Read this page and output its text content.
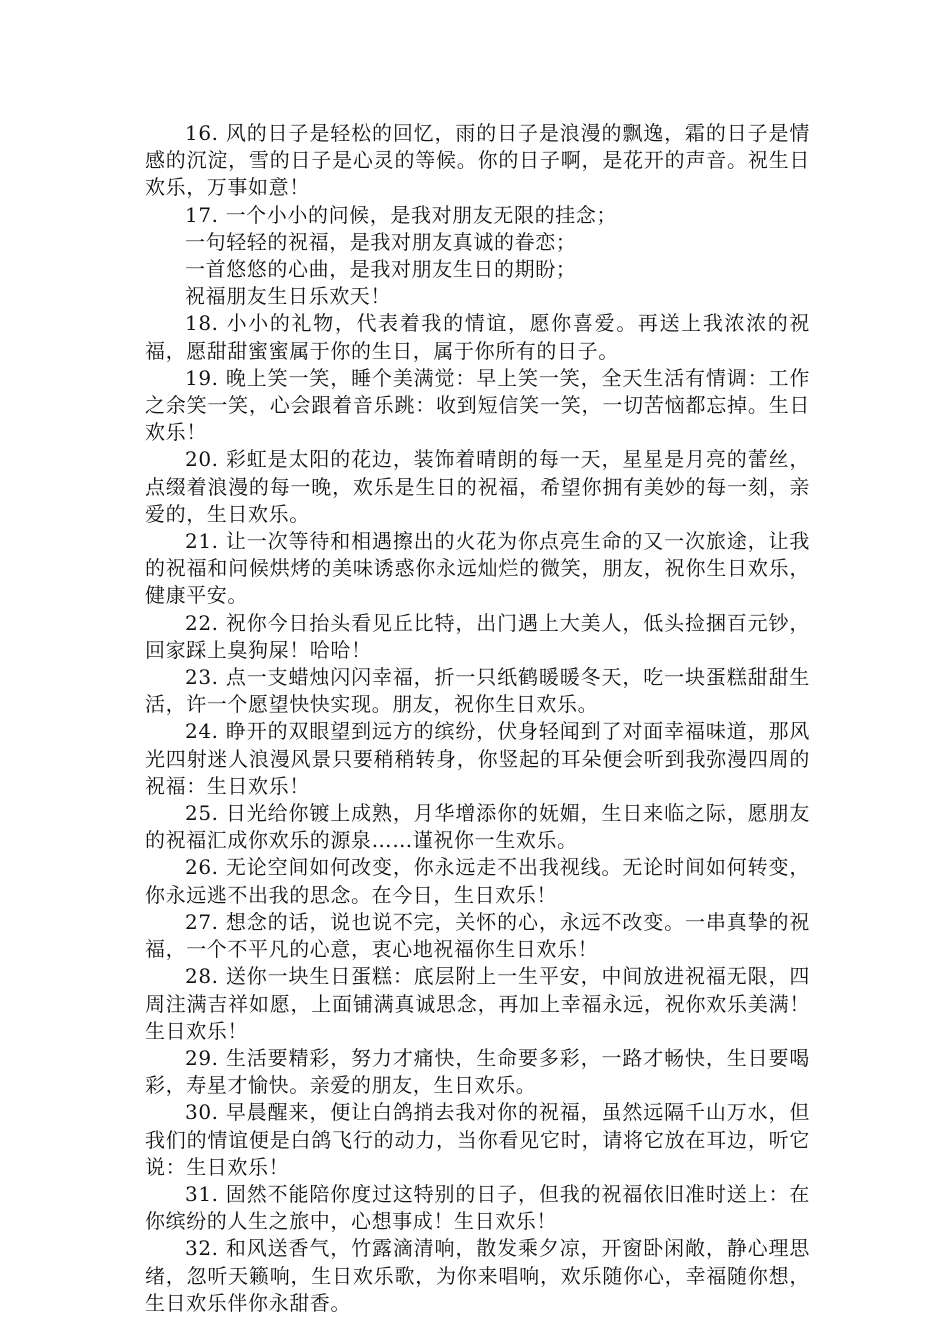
16. 风的日子是轻松的回忆，雨的日子是浪漫的飘逸，霜的日子是情感的沉淀，雪的日子是心灵的等候。你的日子啊，是花开的声音。祝生日欢乐，万事如意！

17. 一个小小的问候，是我对朋友无限的挂念；

一句轻轻的祝福，是我对朋友真诚的眷恋；

一首悠悠的心曲，是我对朋友生日的期盼；

祝福朋友生日乐欢天！

18. 小小的礼物，代表着我的情谊，愿你喜爱。再送上我浓浓的祝福，愿甜甜蜜蜜属于你的生日，属于你所有的日子。

19. 晚上笑一笑，睡个美满觉：早上笑一笑，全天生活有情调：工作之余笑一笑，心会跟着音乐跳：收到短信笑一笑，一切苦恼都忘掉。生日欢乐！

20. 彩虹是太阳的花边，装饰着晴朗的每一天，星星是月亮的蕾丝，点缀着浪漫的每一晚，欢乐是生日的祝福，希望你拥有美妙的每一刻，亲爱的，生日欢乐。

21. 让一次等待和相遇擦出的火花为你点亮生命的又一次旅途，让我的祝福和问候烘烤的美味诱惑你永远灿烂的微笑，朋友，祝你生日欢乐，健康平安。

22. 祝你今日抬头看见丘比特，出门遇上大美人，低头捡捆百元钞，回家踩上臭狗屎！哈哈！

23. 点一支蜡烛闪闪幸福，折一只纸鹤暖暖冬天，吃一块蛋糕甜甜生活，许一个愿望快快实现。朋友，祝你生日欢乐。

24. 睁开的双眼望到远方的缤纷，伏身轻闻到了对面幸福味道，那风光四射迷人浪漫风景只要稍稍转身，你竖起的耳朵便会听到我弥漫四周的祝福：生日欢乐！

25. 日光给你镀上成熟，月华增添你的妩媚，生日来临之际，愿朋友的祝福汇成你欢乐的源泉……谨祝你一生欢乐。

26. 无论空间如何改变，你永远走不出我视线。无论时间如何转变，你永远逃不出我的思念。在今日，生日欢乐！

27. 想念的话，说也说不完，关怀的心，永远不改变。一串真挚的祝福，一个不平凡的心意，衷心地祝福你生日欢乐！

28. 送你一块生日蛋糕：底层附上一生平安，中间放进祝福无限，四周注满吉祥如愿，上面铺满真诚思念，再加上幸福永远，祝你欢乐美满！生日欢乐！

29. 生活要精彩，努力才痛快，生命要多彩，一路才畅快，生日要喝彩，寿星才愉快。亲爱的朋友，生日欢乐。

30. 早晨醒来，便让白鸽捎去我对你的祝福，虽然远隔千山万水，但我们的情谊便是白鸽飞行的动力，当你看见它时，请将它放在耳边，听它说：生日欢乐！

31. 固然不能陪你度过这特别的日子，但我的祝福依旧准时送上：在你缤纷的人生之旅中，心想事成！生日欢乐！

32. 和风送香气，竹露滴清响，散发乘夕凉，开窗卧闲敞，静心理思绪，忽听天籁响，生日欢乐歌，为你来唱响，欢乐随你心，幸福随你想，生日欢乐伴你永甜香。
